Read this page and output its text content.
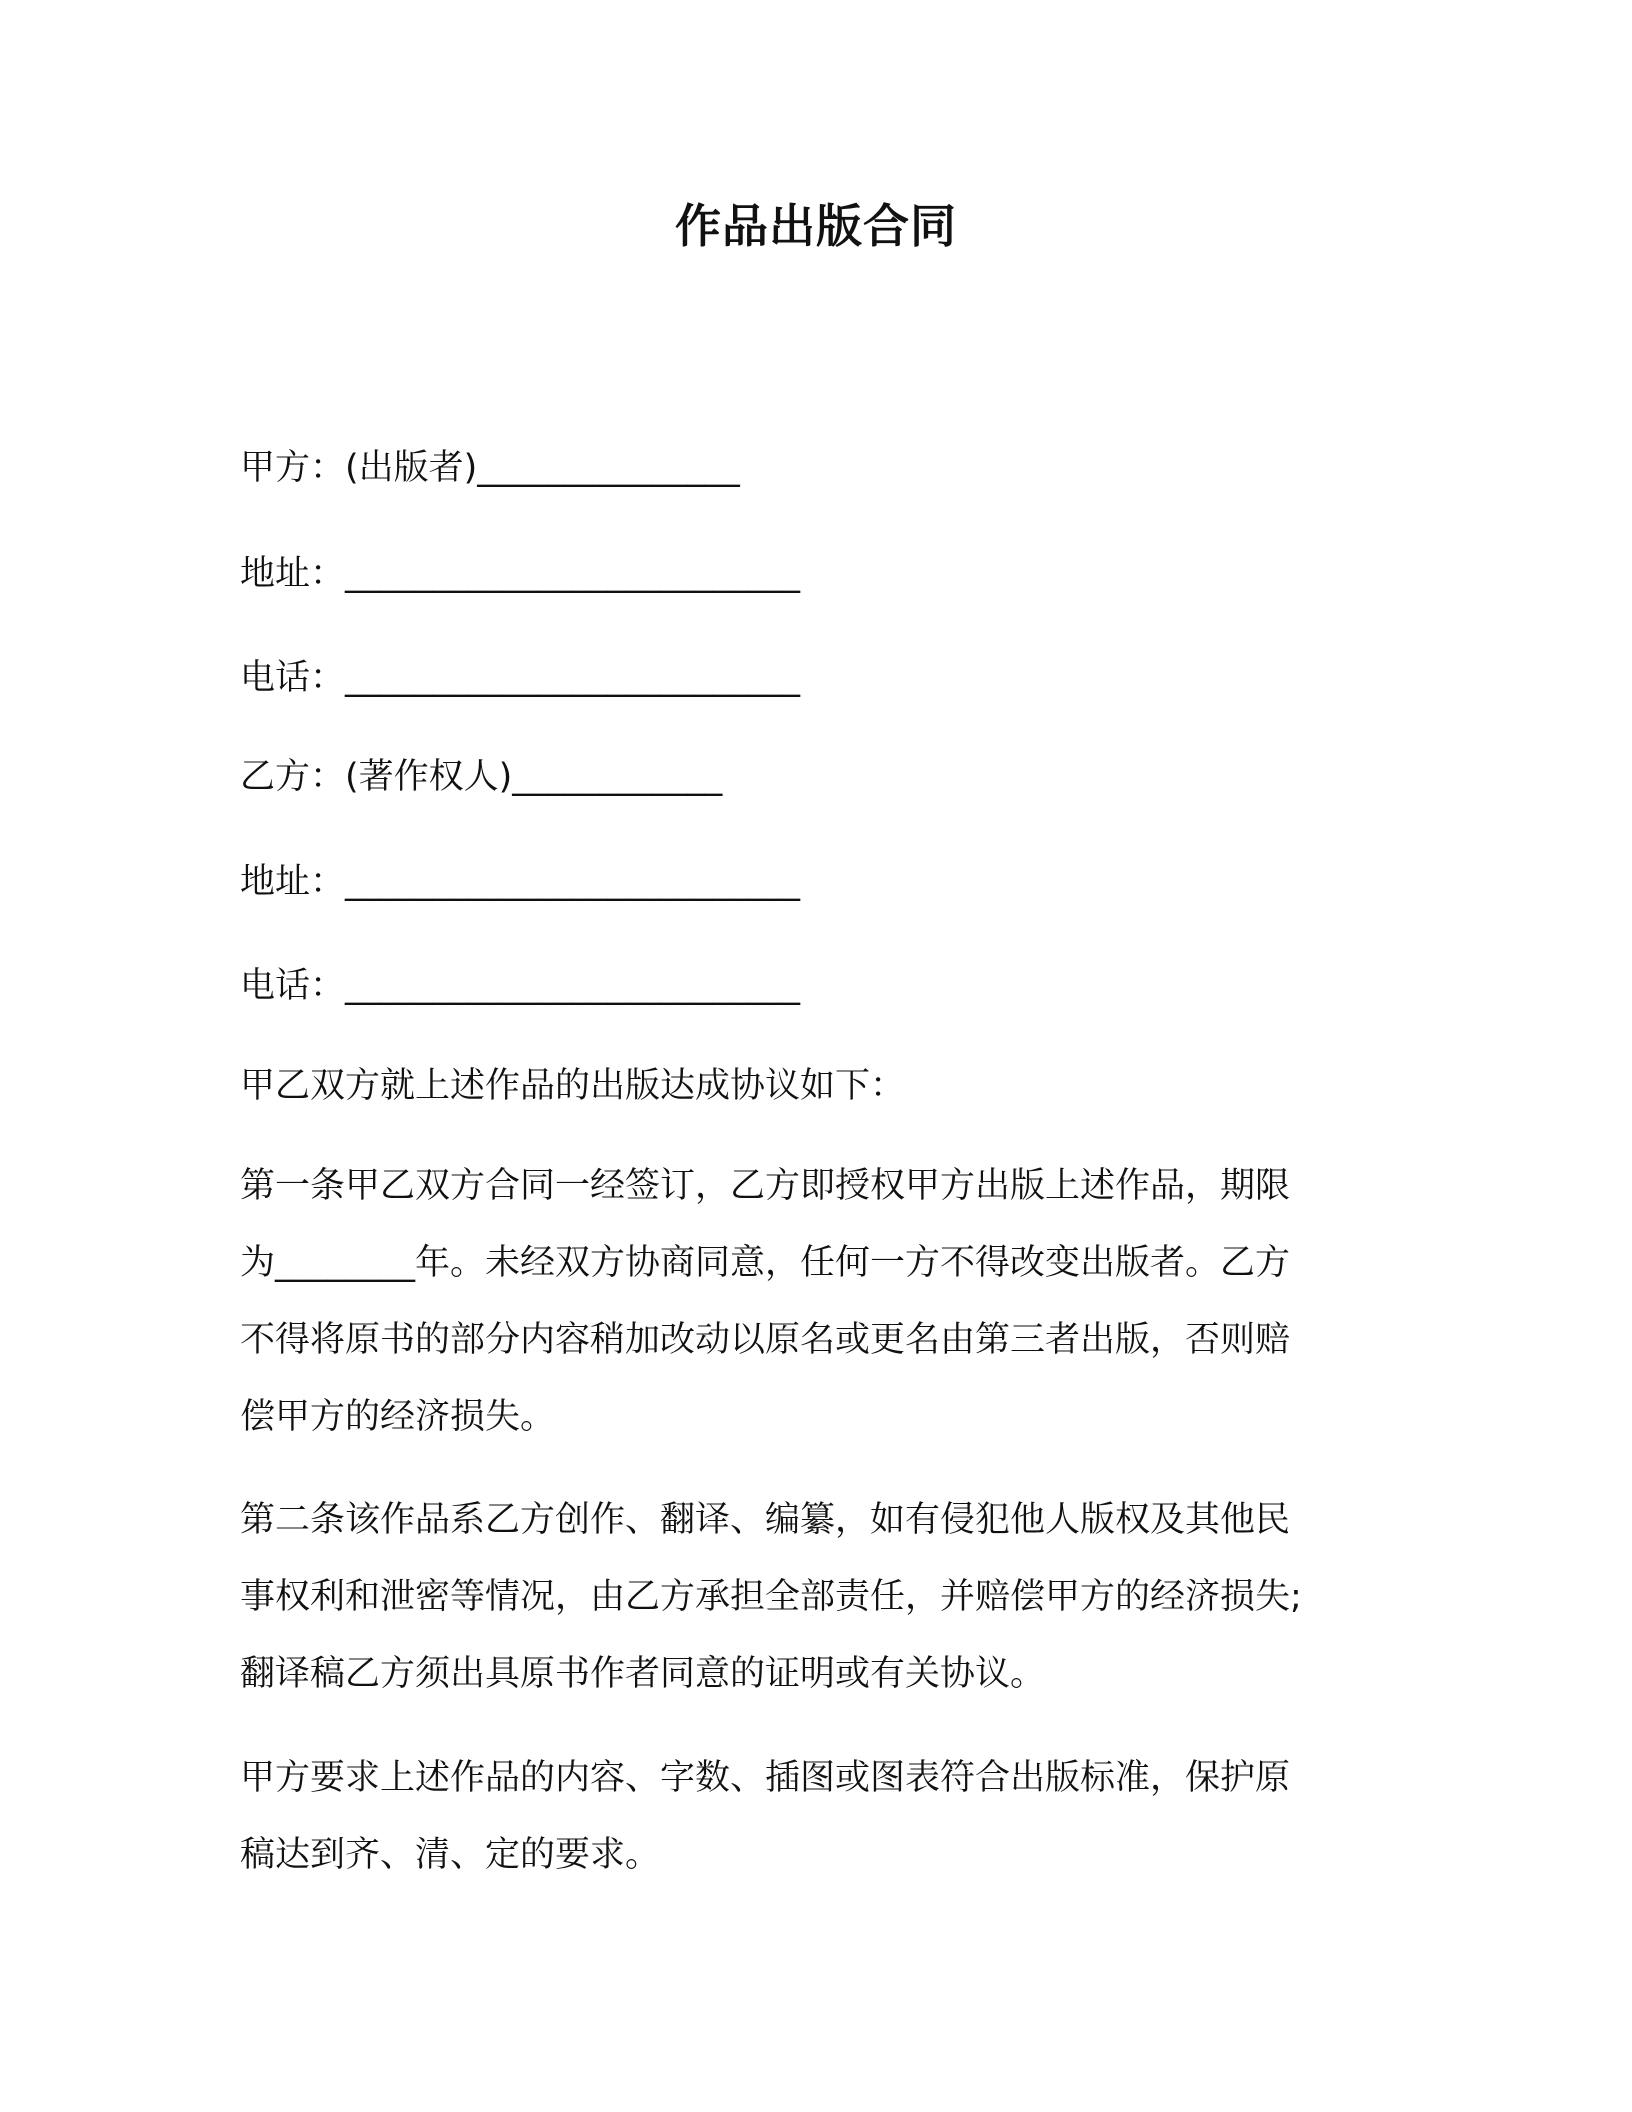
作品出版合同
甲方：(出版者)_______________
地址：__________________________
电话：__________________________
乙方：(著作权人)____________
地址：__________________________
电话：__________________________
甲乙双方就上述作品的出版达成协议如下：
第一条甲乙双方合同一经签订，乙方即授权甲方出版上述作品，期限
为________年。未经双方协商同意，任何一方不得改变出版者。乙方
不得将原书的部分内容稍加改动以原名或更名由第三者出版，否则赔
偿甲方的经济损失。
第二条该作品系乙方创作、翻译、编纂，如有侵犯他人版权及其他民
事权利和泄密等情况，由乙方承担全部责任，并赔偿甲方的经济损失;
翻译稿乙方须出具原书作者同意的证明或有关协议。
甲方要求上述作品的内容、字数、插图或图表符合出版标准，保护原
稿达到齐、清、定的要求。
